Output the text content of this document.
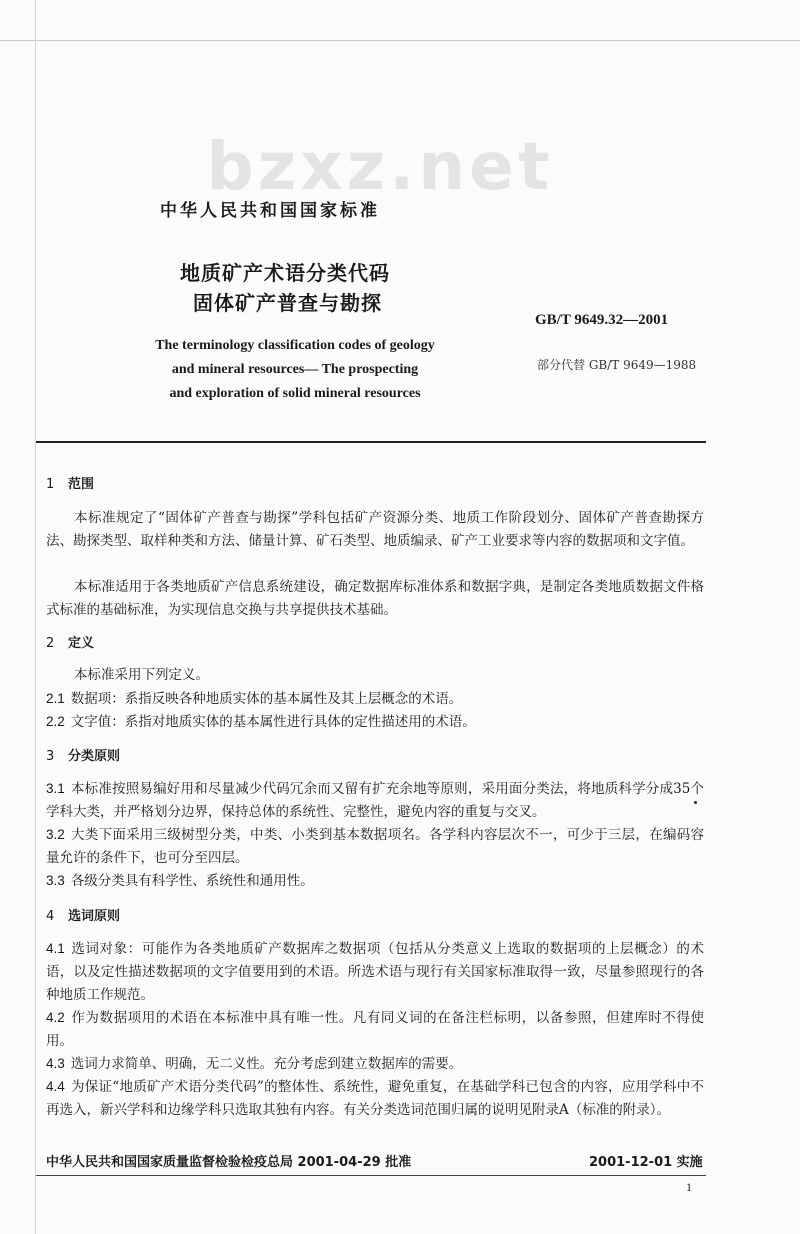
bzxz.net
中华人民共和国国家标准
地质矿产术语分类代码
固体矿产普查与勘探
GB/T 9649.32—2001
The terminology classification codes of geology
and mineral resources— The prospecting
and exploration of solid mineral resources
部分代替 GB/T 9649—1988
1 范围
本标准规定了“固体矿产普查与勘探”学科包括矿产资源分类、地质工作阶段划分、固体矿产普查勘探方法、勘探类型、取样种类和方法、储量计算、矿石类型、地质编录、矿产工业要求等内容的数据项和文字值。
本标准适用于各类地质矿产信息系统建设，确定数据库标准体系和数据字典，是制定各类地质数据文件格式标准的基础标准，为实现信息交换与共享提供技术基础。
2 定义
本标准采用下列定义。
2.1 数据项：系指反映各种地质实体的基本属性及其上层概念的术语。
2.2 文字值：系指对地质实体的基本属性进行具体的定性描述用的术语。
3 分类原则
3.1 本标准按照易编好用和尽量减少代码冗余而又留有扩充余地等原则，采用面分类法，将地质科学分成35个学科大类，并严格划分边界，保持总体的系统性、完整性，避免内容的重复与交叉。
3.2 大类下面采用三级树型分类，中类、小类到基本数据项名。各学科内容层次不一，可少于三层，在编码容量允许的条件下，也可分至四层。
3.3 各级分类具有科学性、系统性和通用性。
4 选词原则
4.1 选词对象：可能作为各类地质矿产数据库之数据项（包括从分类意义上选取的数据项的上层概念）的术语，以及定性描述数据项的文字值要用到的术语。所选术语与现行有关国家标准取得一致，尽量参照现行的各种地质工作规范。
4.2 作为数据项用的术语在本标准中具有唯一性。凡有同义词的在备注栏标明，以备参照，但建库时不得使用。
4.3 选词力求简单、明确，无二义性。充分考虑到建立数据库的需要。
4.4 为保证“地质矿产术语分类代码”的整体性、系统性，避免重复，在基础学科已包含的内容，应用学科中不再选入，新兴学科和边缘学科只选取其独有内容。有关分类选词范围归属的说明见附录A（标准的附录）。
中华人民共和国国家质量监督检验检疫总局 2001-04-29 批准	2001-12-01 实施
1
